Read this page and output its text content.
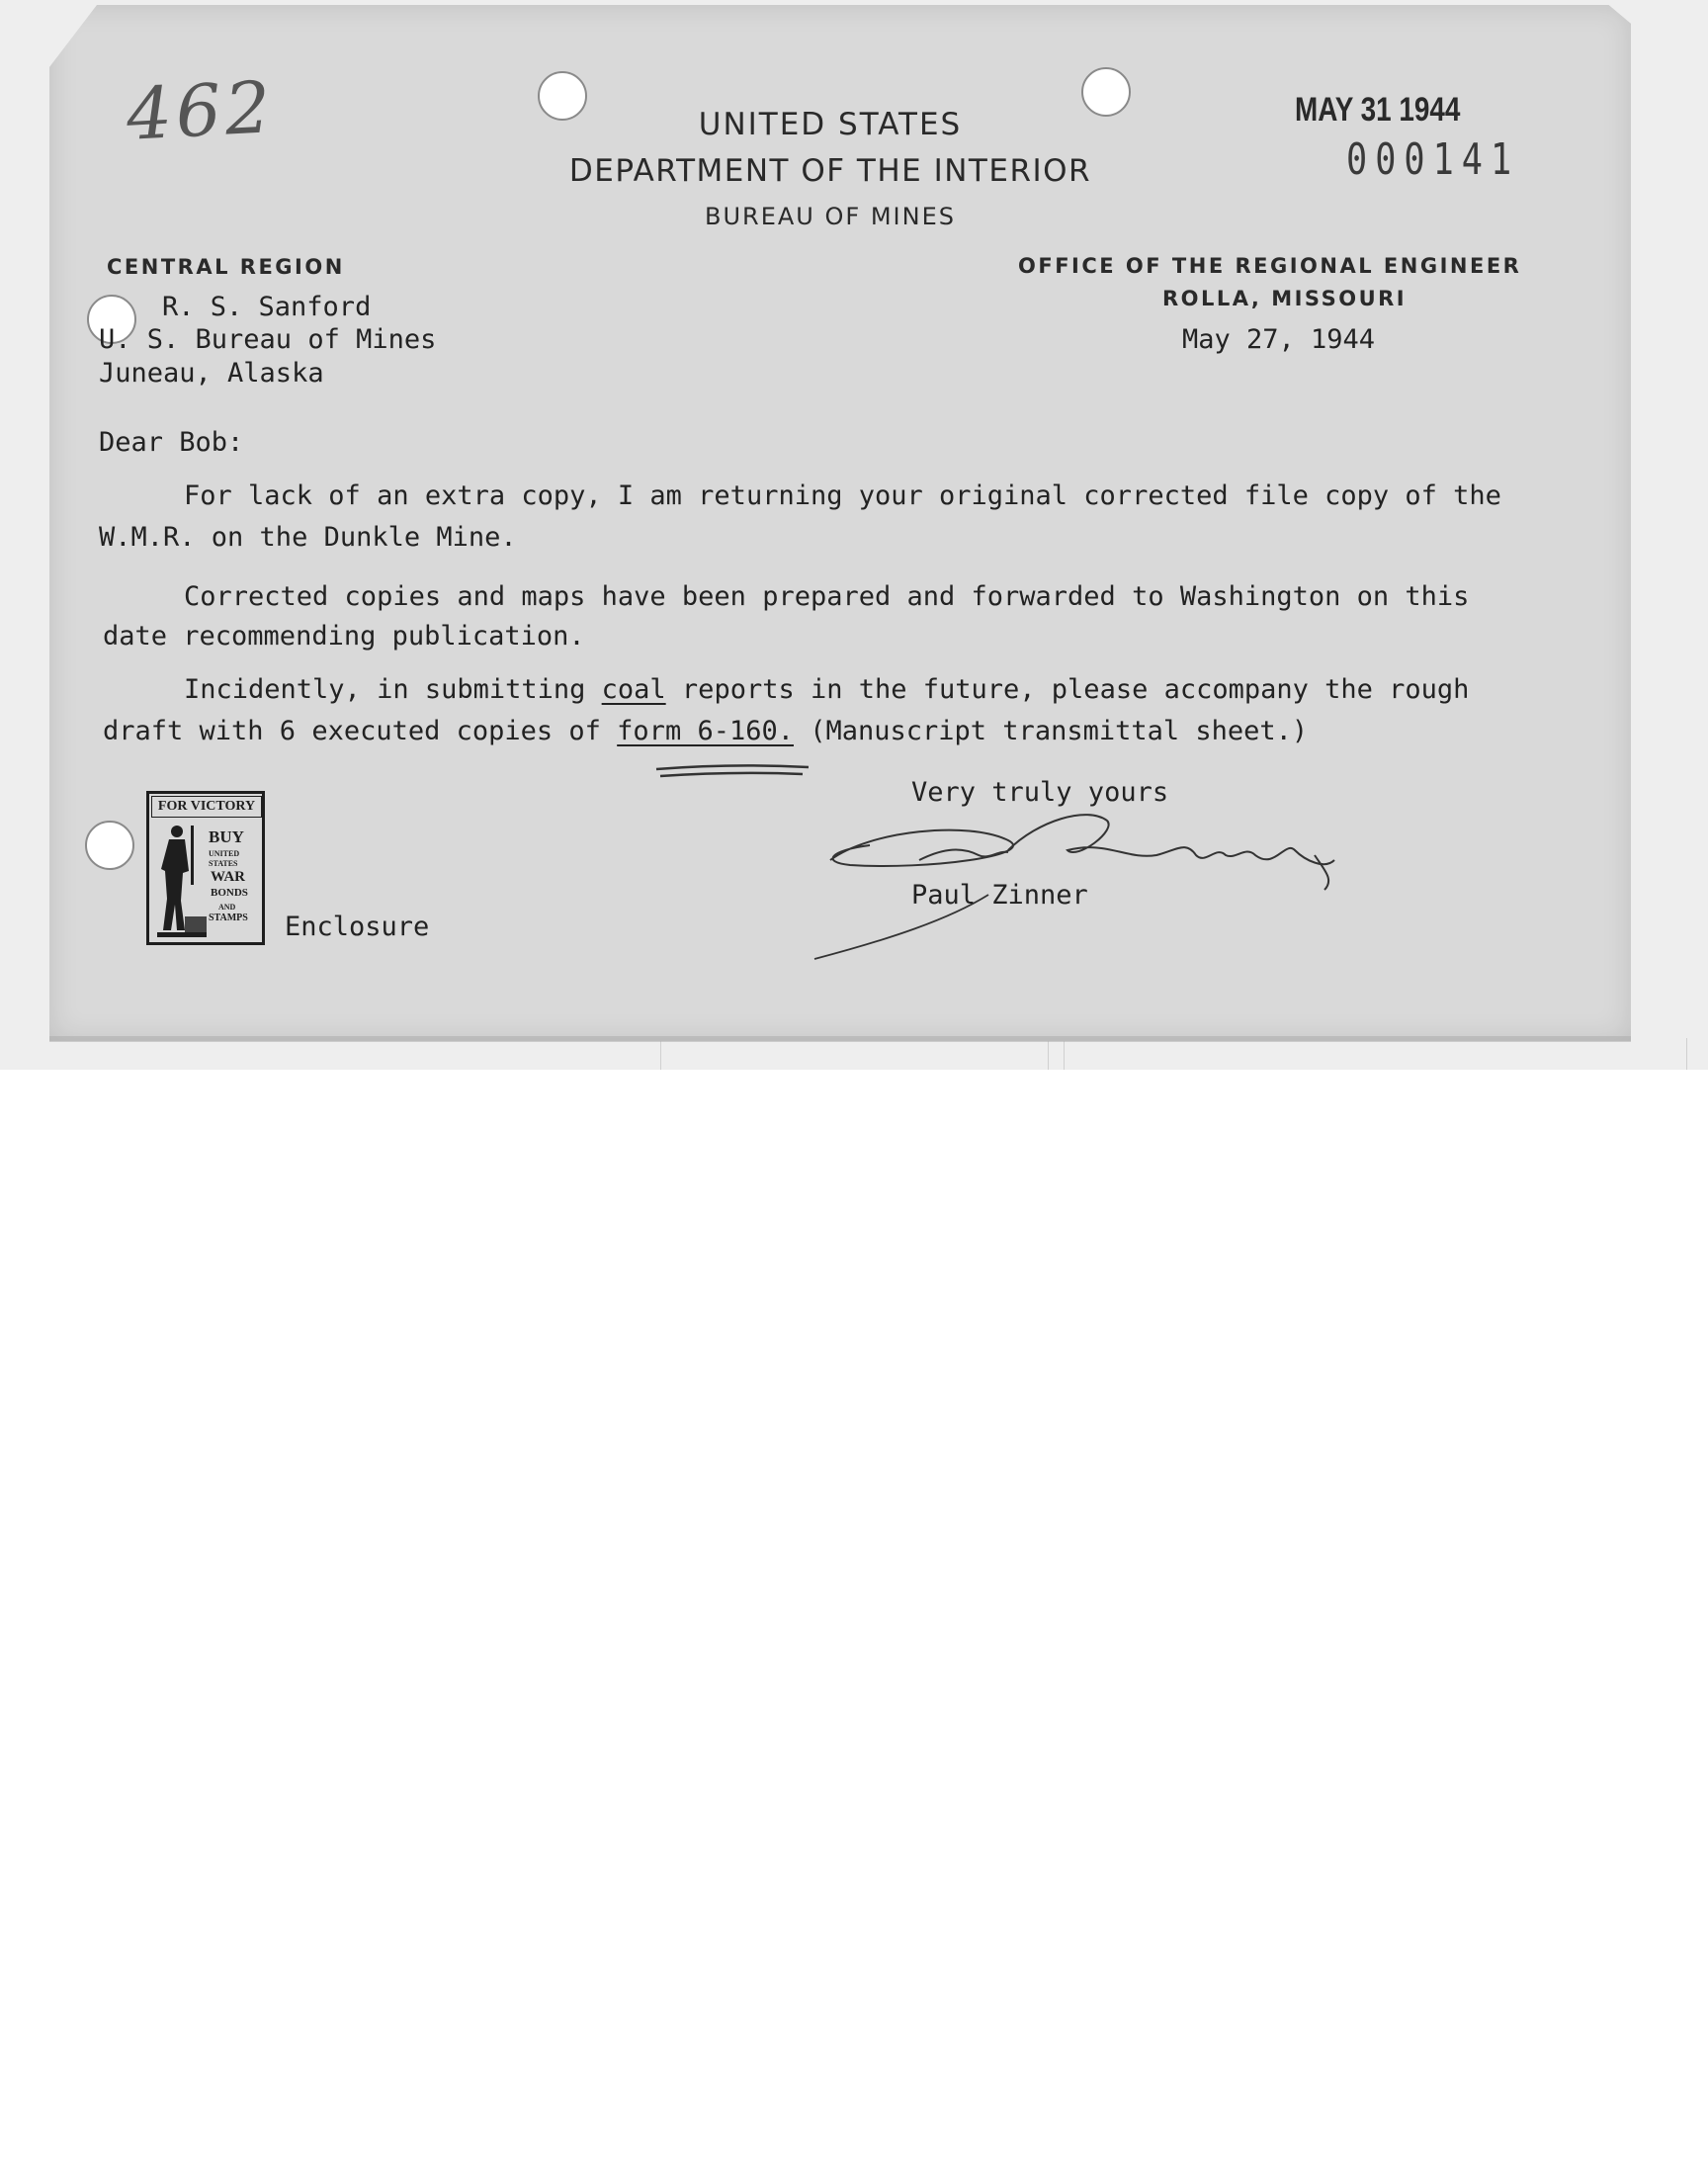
462	MAY 31 1944
000141
UNITED STATES
DEPARTMENT OF THE INTERIOR
BUREAU OF MINES
CENTRAL REGION	OFFICE OF THE REGIONAL ENGINEER
ROLLA, MISSOURI
R. S. Sanford
U. S. Bureau of Mines
Juneau, Alaska
May 27, 1944
Dear Bob:
For lack of an extra copy, I am returning your original corrected file copy of the
W.M.R. on the Dunkle Mine.
Corrected copies and maps have been prepared and forwarded to Washington on this
date recommending publication.
Incidently, in submitting coal reports in the future, please accompany the rough
draft with 6 executed copies of form 6-160. (Manuscript transmittal sheet.)
Very truly yours
Paul Zinner
Enclosure
FOR VICTORY
BUY
UNITED
STATES
WAR
BONDS
AND
STAMPS
